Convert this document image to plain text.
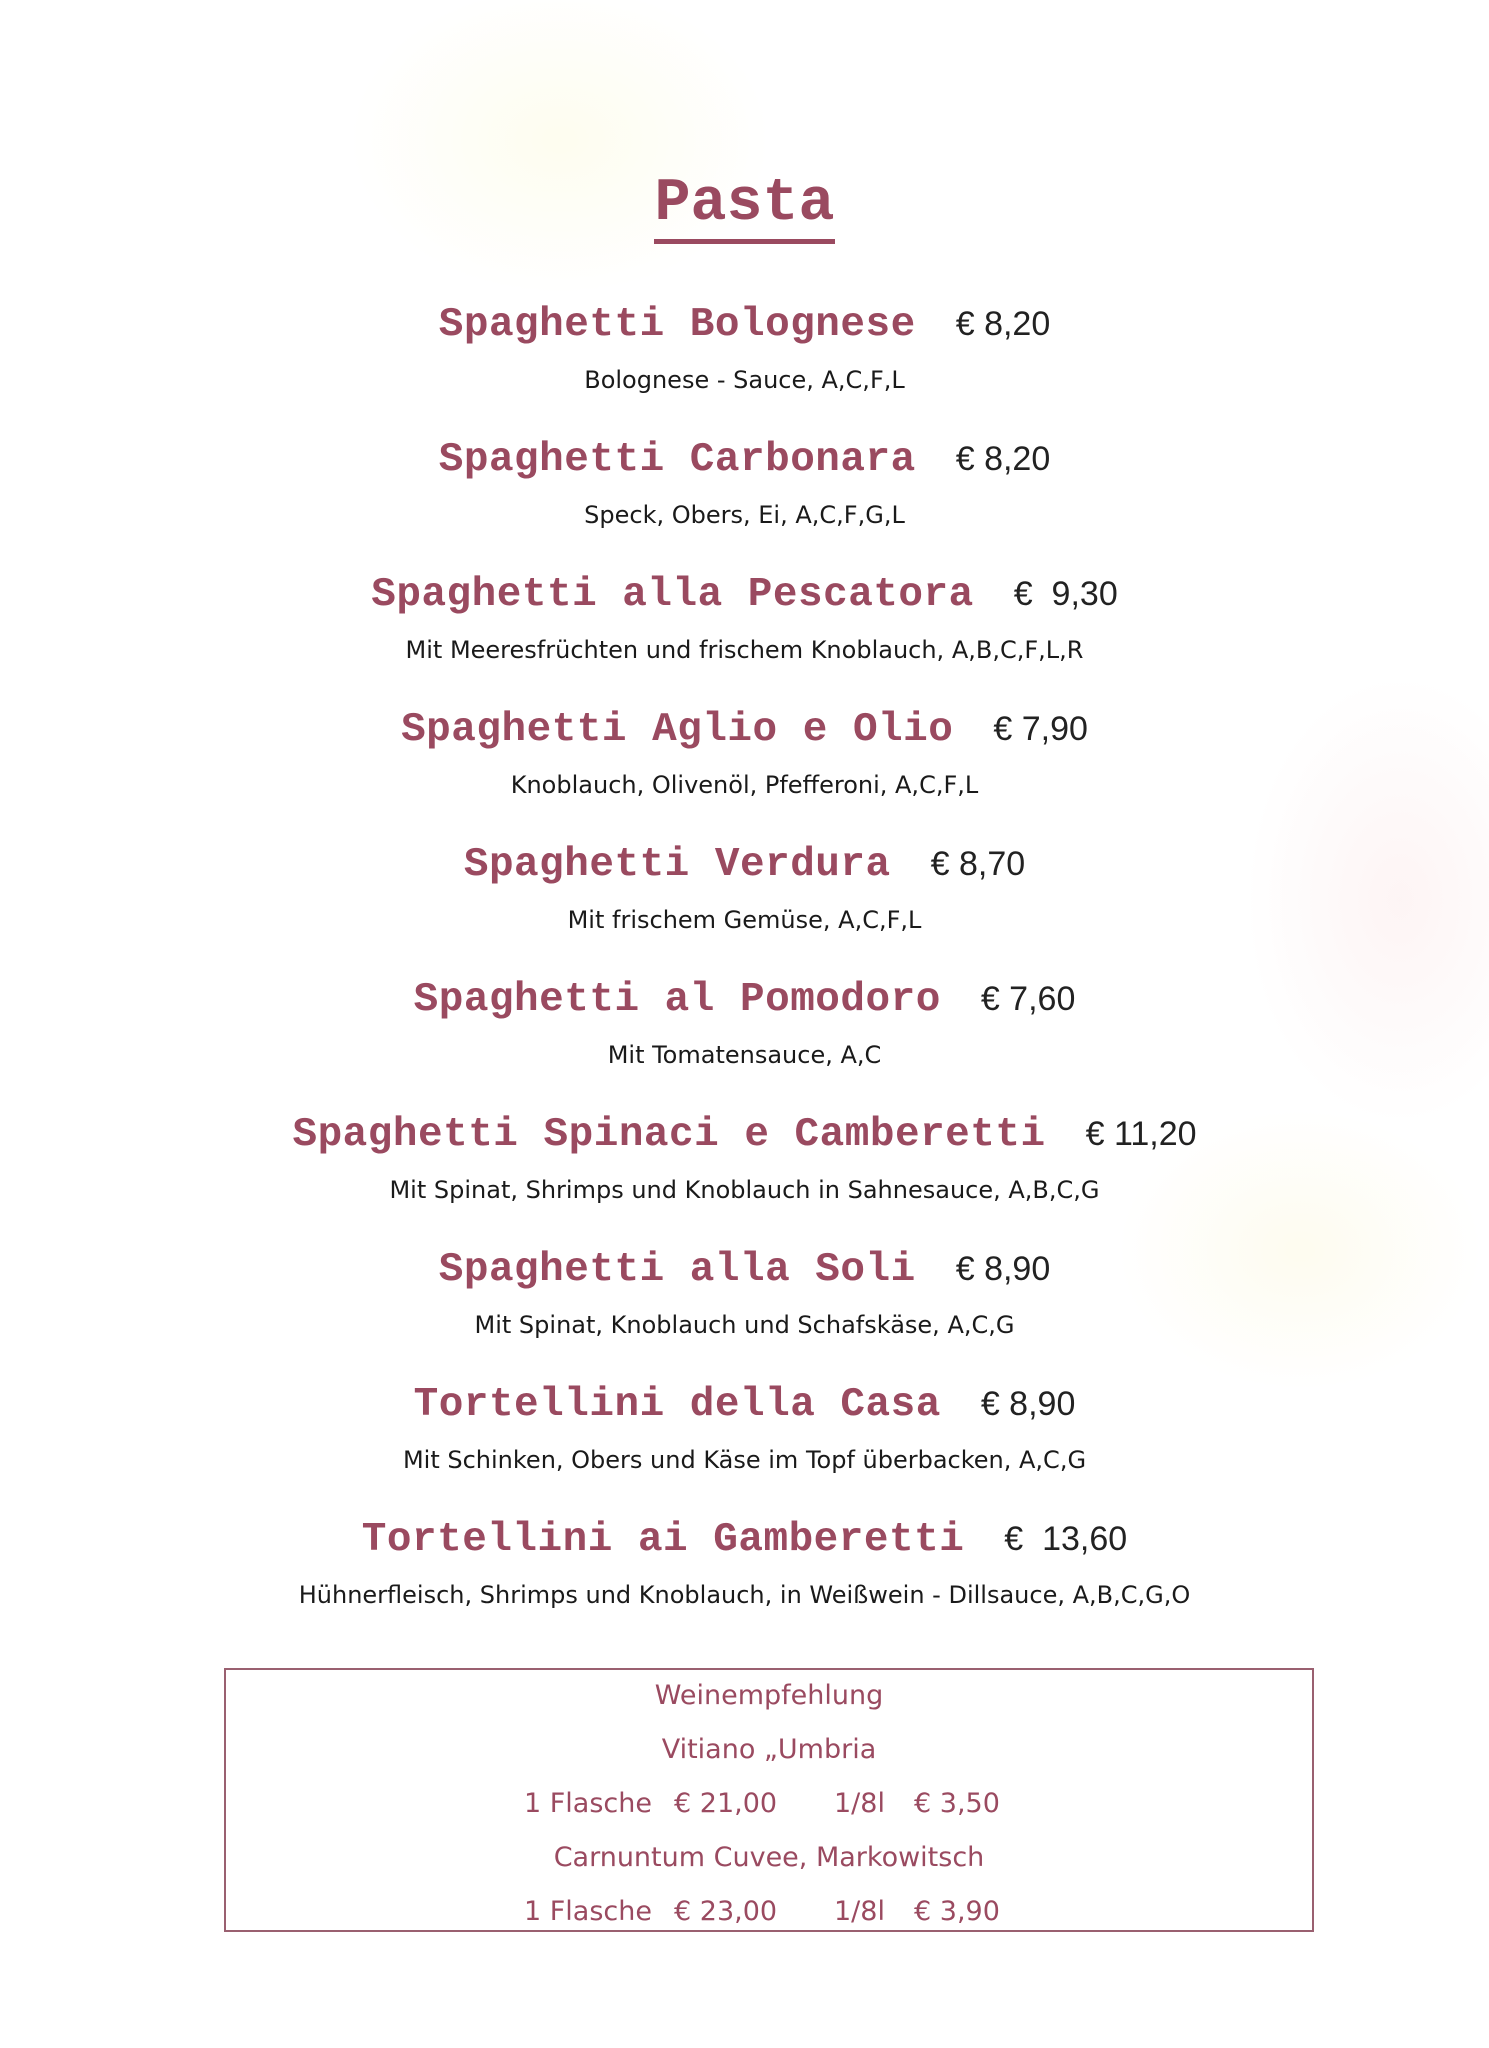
Pasta
Spaghetti Bolognese € 8,20
Bolognese - Sauce, A,C,F,L
Spaghetti Carbonara € 8,20
Speck, Obers, Ei, A,C,F,G,L
Spaghetti alla Pescatora €  9,30
Mit Meeresfrüchten und frischem Knoblauch, A,B,C,F,L,R
Spaghetti Aglio e Olio € 7,90
Knoblauch, Olivenöl, Pfefferoni, A,C,F,L
Spaghetti Verdura € 8,70
Mit frischem Gemüse, A,C,F,L
Spaghetti al Pomodoro € 7,60
Mit Tomatensauce, A,C
Spaghetti Spinaci e Camberetti € 11,20
Mit Spinat, Shrimps und Knoblauch in Sahnesauce, A,B,C,G
Spaghetti alla Soli € 8,90
Mit Spinat, Knoblauch und Schafskäse, A,C,G
Tortellini della Casa € 8,90
Mit Schinken, Obers und Käse im Topf überbacken, A,C,G
Tortellini ai Gamberetti €  13,60
Hühnerfleisch, Shrimps und Knoblauch, in Weißwein - Dillsauce, A,B,C,G,O
Weinempfehlung
Vitiano „Umbria
1 Flasche € 21,00 1/8l € 3,50
Carnuntum Cuvee, Markowitsch
1 Flasche € 23,00 1/8l € 3,90
